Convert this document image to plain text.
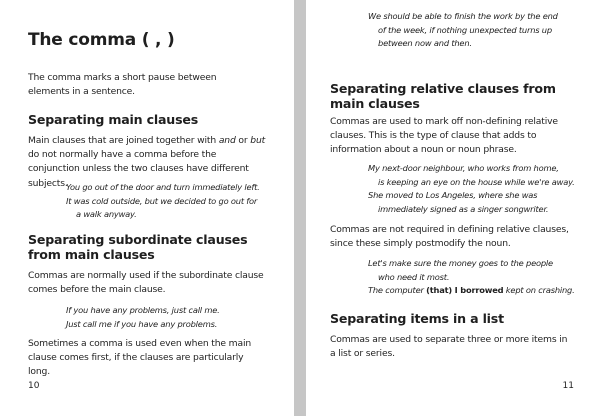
The comma ( , )

The comma marks a short pause between elements in a sentence.

Separating main clauses

Main clauses that are joined together with and or but do not normally have a comma before the conjunction unless the two clauses have different subjects.

You go out of the door and turn immediately left.
It was cold outside, but we decided to go out for
a walk anyway.
Separating subordinate clauses from main clauses

Commas are normally used if the subordinate clause comes before the main clause.

If you have any problems, just call me.
Just call me if you have any problems.

Sometimes a comma is used even when the main clause comes first, if the clauses are particularly long.

10
We should be able to finish the work by the end
of the week, if nothing unexpected turns up
between now and then.
Separating relative clauses from main clauses

Commas are used to mark off non-defining relative clauses. This is the type of clause that adds to information about a noun or noun phrase.

My next-door neighbour, who works from home,
is keeping an eye on the house while we're away.
She moved to Los Angeles, where she was
immediately signed as a singer songwriter.

Commas are not required in defining relative clauses, since these simply postmodify the noun.

Let's make sure the money goes to the people
who need it most.
The computer (that) I borrowed kept on crashing.
Separating items in a list

Commas are used to separate three or more items in a list or series.

11
